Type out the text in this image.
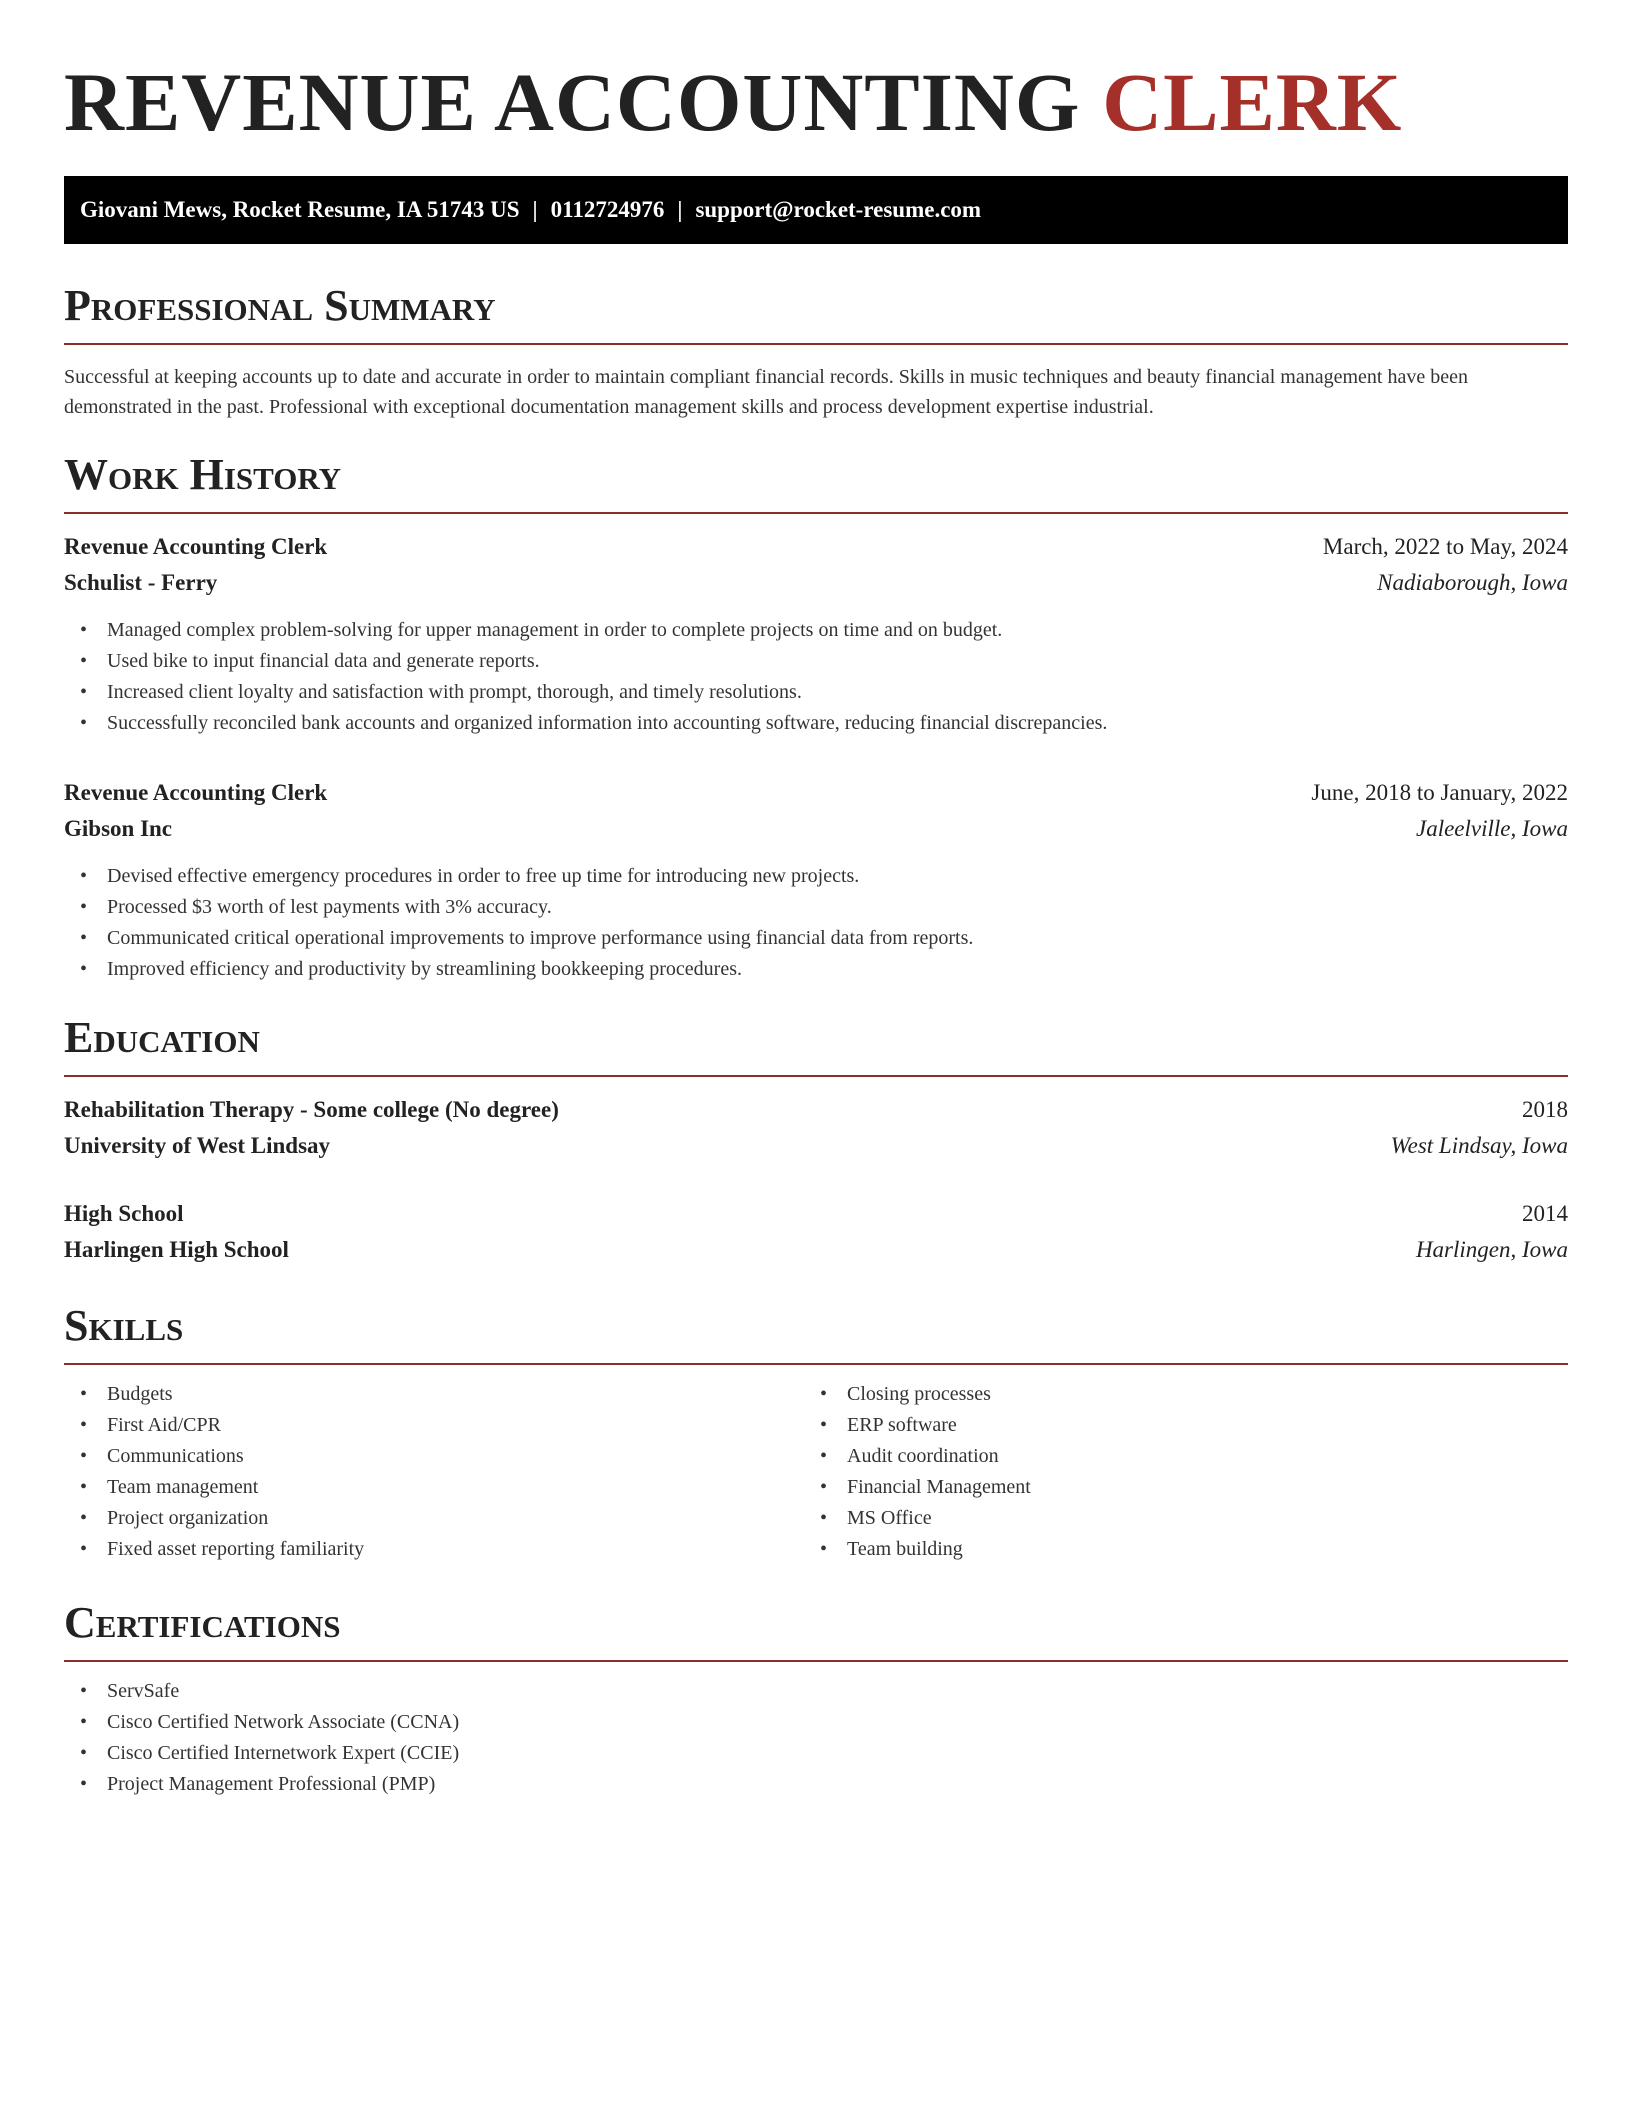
REVENUE ACCOUNTING CLERK
Giovani Mews, Rocket Resume, IA 51743 US | 0112724976 | support@rocket-resume.com
Professional Summary

Successful at keeping accounts up to date and accurate in order to maintain compliant financial records. Skills in music techniques and beauty financial management have been demonstrated in the past. Professional with exceptional documentation management skills and process development expertise industrial.

Work History
Revenue Accounting Clerk	March, 2022 to May, 2024
Schulist - Ferry	Nadiaborough, Iowa
• Managed complex problem-solving for upper management in order to complete projects on time and on budget.
• Used bike to input financial data and generate reports.
• Increased client loyalty and satisfaction with prompt, thorough, and timely resolutions.
• Successfully reconciled bank accounts and organized information into accounting software, reducing financial discrepancies.
Revenue Accounting Clerk	June, 2018 to January, 2022
Gibson Inc	Jaleelville, Iowa
• Devised effective emergency procedures in order to free up time for introducing new projects.
• Processed $3 worth of lest payments with 3% accuracy.
• Communicated critical operational improvements to improve performance using financial data from reports.
• Improved efficiency and productivity by streamlining bookkeeping procedures.
Education
Rehabilitation Therapy - Some college (No degree)	2018
University of West Lindsay	West Lindsay, Iowa
High School	2014
Harlingen High School	Harlingen, Iowa
Skills
• Budgets
• First Aid/CPR
• Communications
• Team management
• Project organization
• Fixed asset reporting familiarity
• Closing processes
• ERP software
• Audit coordination
• Financial Management
• MS Office
• Team building
Certifications
• ServSafe
• Cisco Certified Network Associate (CCNA)
• Cisco Certified Internetwork Expert (CCIE)
• Project Management Professional (PMP)
